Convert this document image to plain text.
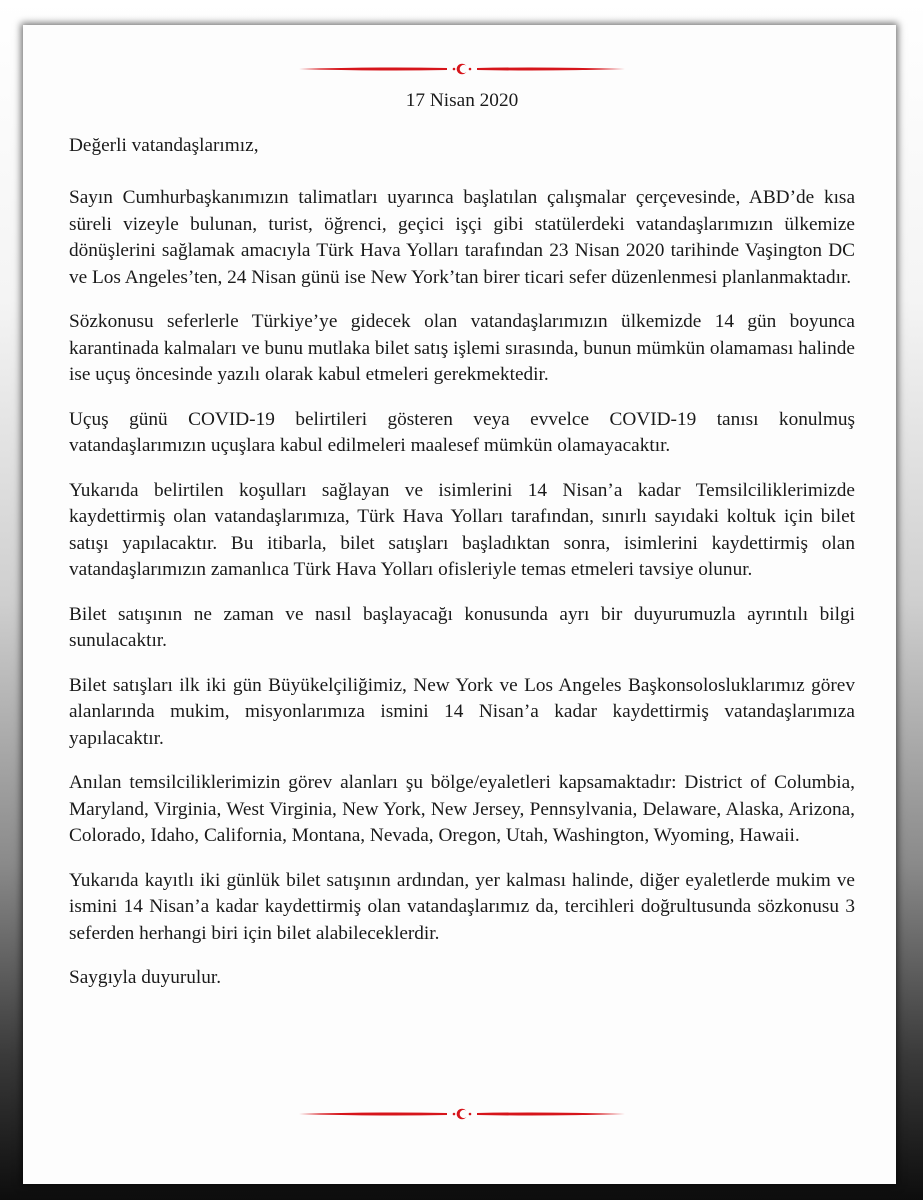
17 Nisan 2020

Değerli vatandaşlarımız,

Sayın Cumhurbaşkanımızın talimatları uyarınca başlatılan çalışmalar çerçevesinde, ABD’de kısa süreli vizeyle bulunan, turist, öğrenci, geçici işçi gibi statülerdeki vatandaşlarımızın ülkemize dönüşlerini sağlamak amacıyla Türk Hava Yolları tarafından 23 Nisan 2020 tarihinde Vaşington DC ve Los Angeles’ten, 24 Nisan günü ise New York’tan birer ticari sefer düzenlenmesi planlanmaktadır.

Sözkonusu seferlerle Türkiye’ye gidecek olan vatandaşlarımızın ülkemizde 14 gün boyunca karantinada kalmaları ve bunu mutlaka bilet satış işlemi sırasında, bunun mümkün olamaması halinde ise uçuş öncesinde yazılı olarak kabul etmeleri gerekmektedir.

Uçuş günü COVID-19 belirtileri gösteren veya evvelce COVID-19 tanısı konulmuş vatandaşlarımızın uçuşlara kabul edilmeleri maalesef mümkün olamayacaktır.

Yukarıda belirtilen koşulları sağlayan ve isimlerini 14 Nisan’a kadar Temsilciliklerimizde kaydettirmiş olan vatandaşlarımıza, Türk Hava Yolları tarafından, sınırlı sayıdaki koltuk için bilet satışı yapılacaktır. Bu itibarla, bilet satışları başladıktan sonra, isimlerini kaydettirmiş olan vatandaşlarımızın zamanlıca Türk Hava Yolları ofisleriyle temas etmeleri tavsiye olunur.

Bilet satışının ne zaman ve nasıl başlayacağı konusunda ayrı bir duyurumuzla ayrıntılı bilgi sunulacaktır.

Bilet satışları ilk iki gün Büyükelçiliğimiz, New York ve Los Angeles Başkonsolosluklarımız görev alanlarında mukim, misyonlarımıza ismini 14 Nisan’a kadar kaydettirmiş vatandaşlarımıza yapılacaktır.

Anılan temsilciliklerimizin görev alanları şu bölge/eyaletleri kapsamaktadır: District of Columbia, Maryland, Virginia, West Virginia, New York, New Jersey, Pennsylvania, Delaware, Alaska, Arizona, Colorado, Idaho, California, Montana, Nevada, Oregon, Utah, Washington, Wyoming, Hawaii.

Yukarıda kayıtlı iki günlük bilet satışının ardından, yer kalması halinde, diğer eyaletlerde mukim ve ismini 14 Nisan’a kadar kaydettirmiş olan vatandaşlarımız da, tercihleri doğrultusunda sözkonusu 3 seferden herhangi biri için bilet alabileceklerdir.

Saygıyla duyurulur.
